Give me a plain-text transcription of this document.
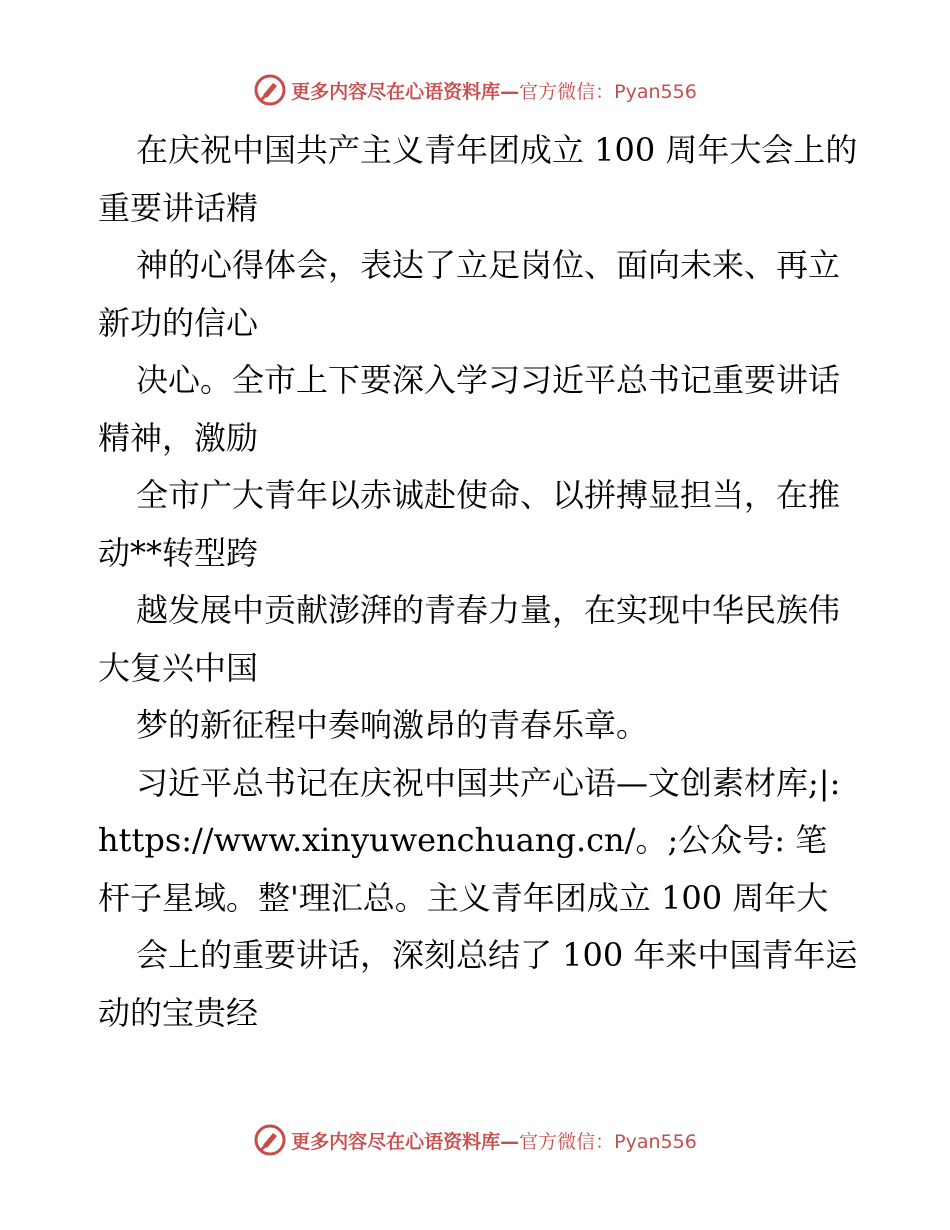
更多内容尽在心语资料库—官方微信：Pyan556

在庆祝中国共产主义青年团成立 100 周年大会上的重要讲话精

神的心得体会，表达了立足岗位、面向未来、再立新功的信心

决心。全市上下要深入学习习近平总书记重要讲话精神，激励

全市广大青年以赤诚赴使命、以拼搏显担当，在推动**转型跨

越发展中贡献澎湃的青春力量，在实现中华民族伟大复兴中国

梦的新征程中奏响激昂的青春乐章。

习近平总书记在庆祝中国共产心语—文创素材库;|: https://www.xinyuwenchuang.cn/。;公众号: 笔杆子星域。整'理汇总。主义青年团成立 100 周年大

会上的重要讲话，深刻总结了 100 年来中国青年运动的宝贵经

更多内容尽在心语资料库—官方微信：Pyan556
